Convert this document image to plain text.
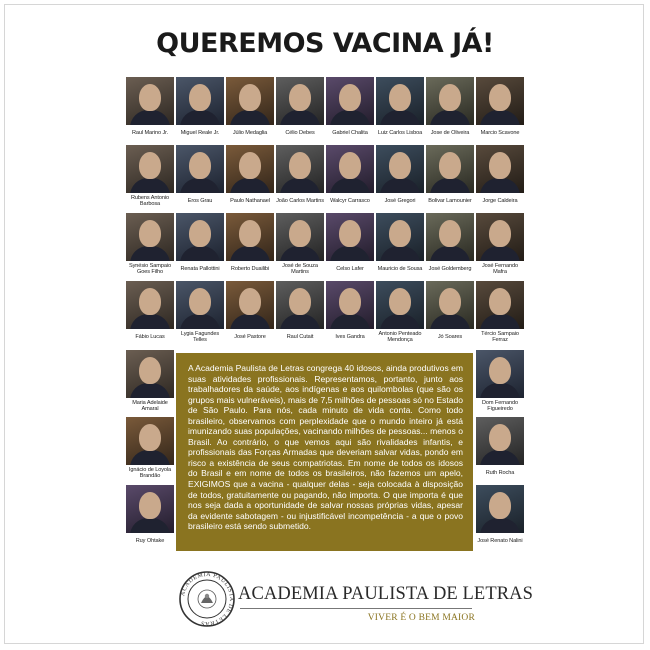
QUEREMOS VACINA JÁ!
Raul Marino Jr.	Miguel Reale Jr.	Júlio Medaglia	Célio Debes	Gabriel Chalita	Luiz Carlos Lisboa	Jose de Oliveira	Marcio Scavone
Rubens Antonio Barbosa	Eros Grau	Paulo Nathanael	João Carlos Martins	Walcyr Carrasco	José Gregori	Bolivar Lamounier	Jorge Caldeira
Synésio Sampaio Goes Filho	Renata Pallottini	Roberto Duailibi	José de Souza Martins	Celso Lafer	Mauricio de Sousa	José Goldemberg	José Fernando Mafra
Fábio Lucas	Lygia Fagundes Telles	José Pastore	Raul Cutait	Ives Gandra	Antonio Penteado Mendonça	Jó Soares	Tércio Sampaio Ferraz
Maria Adelaide Amaral
Dom Fernando Figueiredo
Ignácio de Loyola Brandão	Ruth Rocha
Ruy Ohtake	José Renato Nalini
A Academia Paulista de Letras congrega 40 idosos, ainda produtivos em suas atividades profissionais. Representamos, portanto, junto aos trabalhadores da saúde, aos indígenas e aos quilombolas (que são os grupos mais vulneráveis), mais de 7,5 milhões de pessoas só no Estado de São Paulo. Para nós, cada minuto de vida conta. Como todo brasileiro, observamos com perplexidade que o mundo inteiro já está imunizando suas populações, vacinando milhões de pessoas... menos o Brasil. Ao contrário, o que vemos aqui são rivalidades infantis, e profissionais das Forças Armadas que deveriam salvar vidas, pondo em risco a existência de seus compatriotas. Em nome de todos os idosos do Brasil e em nome de todos os brasileiros, não fazemos um apelo, EXIGIMOS que a vacina - qualquer delas - seja colocada à disposição de todos, gratuitamente ou pagando, não importa. O que importa é que nos seja dada a oportunidade de salvar nossas próprias vidas, apesar da evidente sabotagem - ou injustificável incompetência - a que o povo brasileiro está sendo submetido.
ACADEMIA PAULISTA DE LETRAS
ACADEMIA PAULISTA DE LETRAS
VIVER É O BEM MAIOR
